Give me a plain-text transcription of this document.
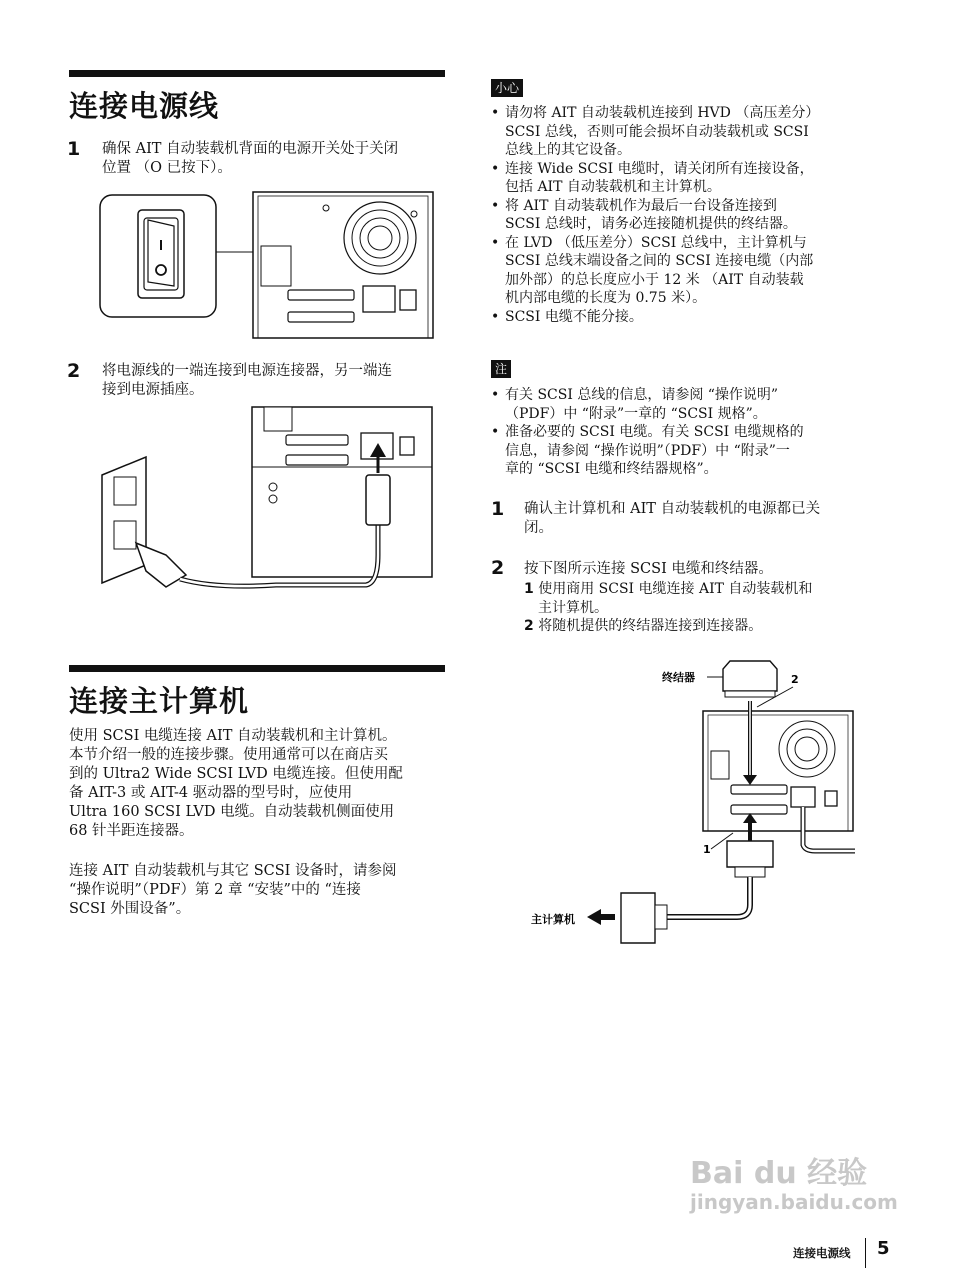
连接电源线
1 确保 AIT 自动装载机背面的电源开关处于关闭
位置 （O 已按下）。
2 将电源线的一端连接到电源连接器，另一端连
接到电源插座。
连接主计算机
使用 SCSI 电缆连接 AIT 自动装载机和主计算机。
本节介绍一般的连接步骤。使用通常可以在商店买
到的 Ultra2 Wide SCSI LVD 电缆连接。但使用配
备 AIT-3 或 AIT-4 驱动器的型号时，应使用
Ultra 160 SCSI LVD 电缆。自动装载机侧面使用
68 针半距连接器。
连接 AIT 自动装载机与其它 SCSI 设备时，请参阅
“操作说明”（PDF）第 2 章 “安装”中的 “连接
SCSI 外围设备”。
小心
• 请勿将 AIT 自动装载机连接到 HVD （高压差分）
SCSI 总线，否则可能会损坏自动装载机或 SCSI
总线上的其它设备。
• 连接 Wide SCSI 电缆时，请关闭所有连接设备，
包括 AIT 自动装载机和主计算机。
• 将 AIT 自动装载机作为最后一台设备连接到
SCSI 总线时，请务必连接随机提供的终结器。
• 在 LVD （低压差分）SCSI 总线中，主计算机与
SCSI 总线末端设备之间的 SCSI 连接电缆（内部
加外部）的总长度应小于 12 米 （AIT 自动装载
机内部电缆的长度为 0.75 米）。
• SCSI 电缆不能分接。
注
• 有关 SCSI 总线的信息，请参阅 “操作说明”
（PDF）中 “附录”一章的 “SCSI 规格”。
• 准备必要的 SCSI 电缆。有关 SCSI 电缆规格的
信息，请参阅 “操作说明”（PDF）中 “附录”一
章的 “SCSI 电缆和终结器规格”。
1 确认主计算机和 AIT 自动装载机的电源都已关
闭。
2 按下图所示连接 SCSI 电缆和终结器。
1 使用商用 SCSI 电缆连接 AIT 自动装载机和
主计算机。
2 将随机提供的终结器连接到连接器。
终结器	2
1
主计算机
Bai du 经验
jingyan.baidu.com
连接电源线 5
